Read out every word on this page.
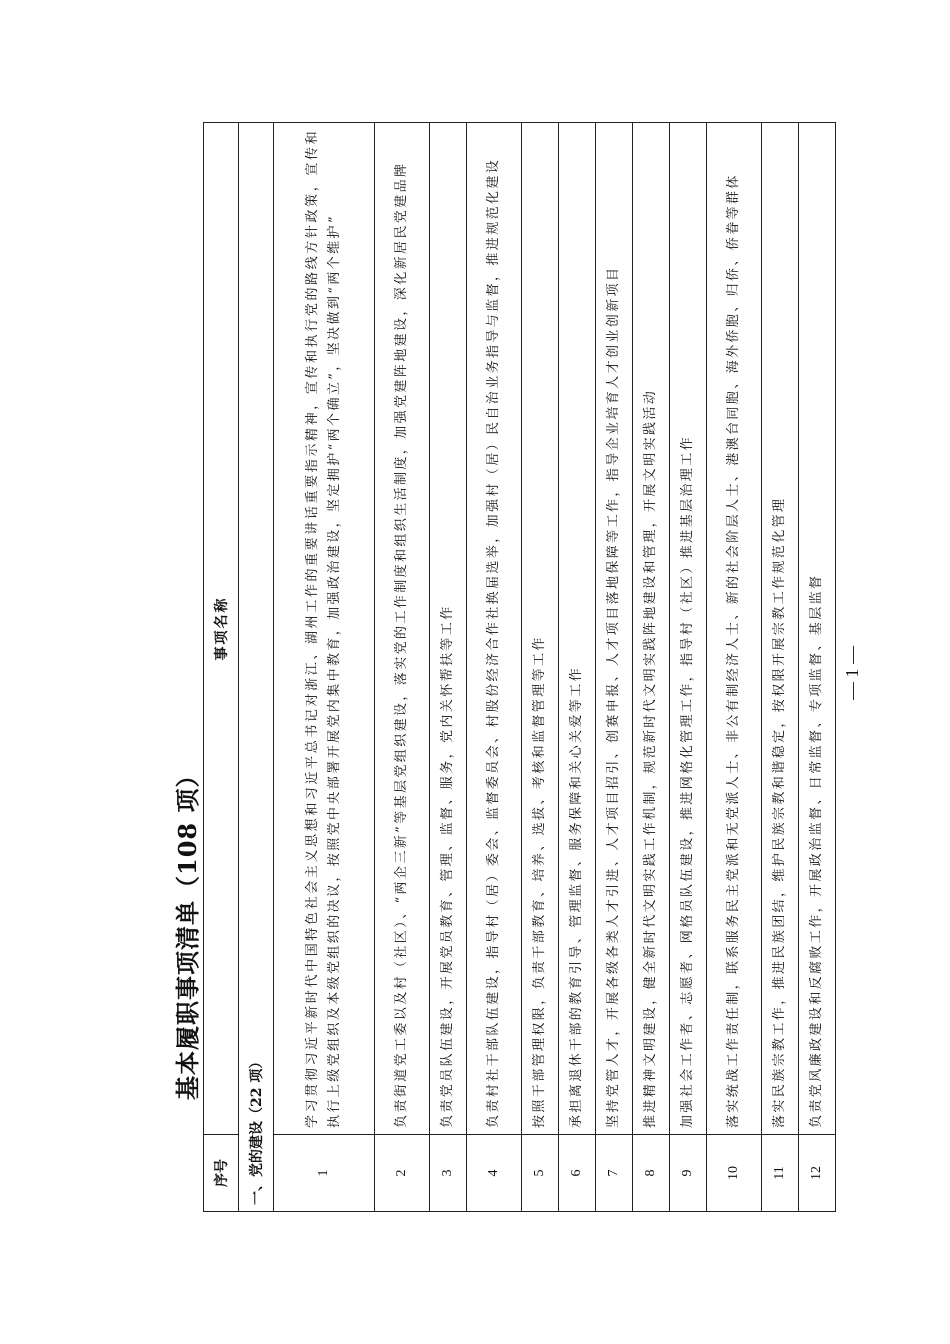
基本履职事项清单（108 项）
序号	事项名称
一、党的建设（22 项）	
1	学习贯彻习近平新时代中国特色社会主义思想和习近平总书记对浙江、湖州工作的重要讲话重要指示精神，宣传和执行党的路线方针政策，宣传和执行上级党组织及本级党组织的决议，按照党中央部署开展党内集中教育，加强政治建设，坚定拥护“两个确立”，坚决做到“两个维护”
2	负责街道党工委以及村（社区）、“两企三新”等基层党组织建设，落实党的工作制度和组织生活制度，加强党建阵地建设，深化新居民党建品牌
3	负责党员队伍建设，开展党员教育、管理、监督、服务，党内关怀帮扶等工作
4	负责村社干部队伍建设，指导村（居）委会、监督委员会、村股份经济合作社换届选举，加强村（居）民自治业务指导与监督，推进规范化建设
5	按照干部管理权限，负责干部教育、培养、选拔、考核和监督管理等工作
6	承担离退休干部的教育引导、管理监督、服务保障和关心关爱等工作
7	坚持党管人才，开展各级各类人才引进、人才项目招引、创赛申报、人才项目落地保障等工作，指导企业培育人才创业创新项目
8	推进精神文明建设，健全新时代文明实践工作机制，规范新时代文明实践阵地建设和管理，开展文明实践活动
9	加强社会工作者、志愿者、网格员队伍建设，推进网格化管理工作，指导村（社区）推进基层治理工作
10	落实统战工作责任制，联系服务民主党派和无党派人士、非公有制经济人士、新的社会阶层人士、港澳台同胞、海外侨胞、归侨、侨眷等群体
11	落实民族宗教工作，推进民族团结，维护民族宗教和谐稳定，按权限开展宗教工作规范化管理
12	负责党风廉政建设和反腐败工作，开展政治监督、日常监督、专项监督、基层监督 — 1 —
